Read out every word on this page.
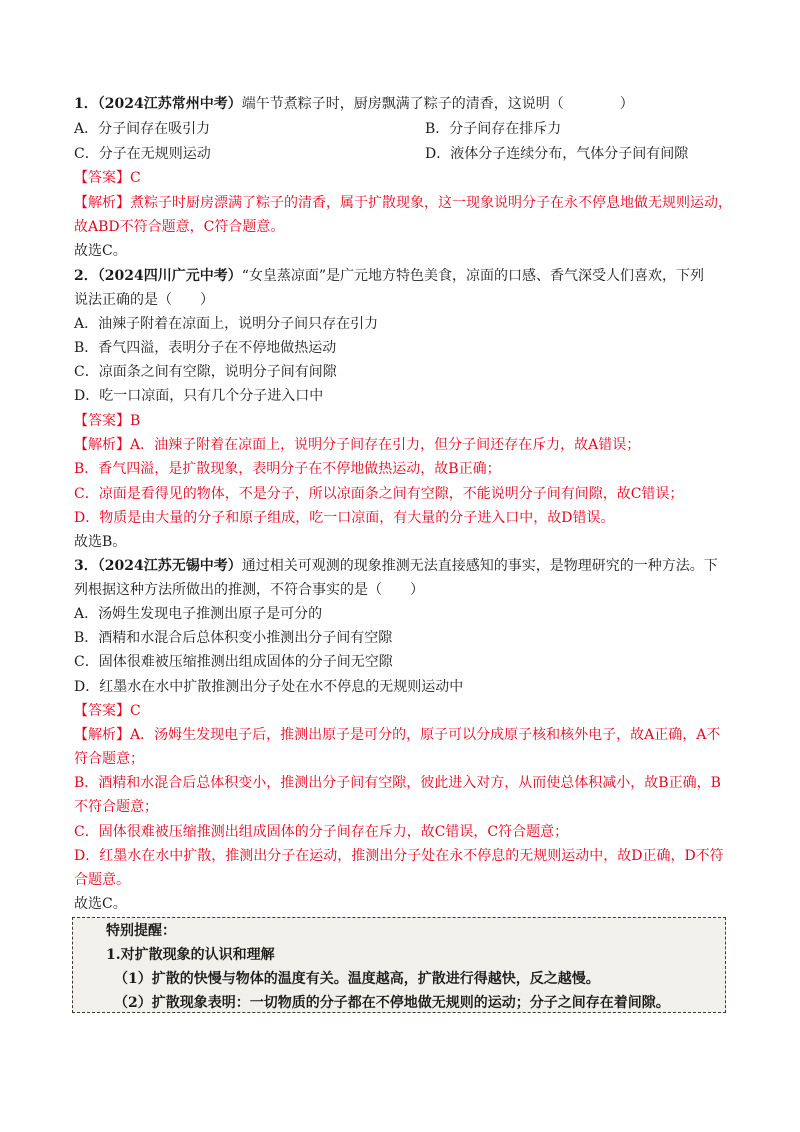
1．（2024江苏常州中考）端午节煮粽子时，厨房飘满了粽子的清香，这说明（　　　　）
A．分子间存在吸引力	B．分子间存在排斥力
C．分子在无规则运动	D．液体分子连续分布，气体分子间有间隙
【答案】C
【解析】煮粽子时厨房漂满了粽子的清香，属于扩散现象，这一现象说明分子在永不停息地做无规则运动，
故ABD不符合题意，C符合题意。
故选C。
2．（2024四川广元中考）“女皇蒸凉面”是广元地方特色美食，凉面的口感、香气深受人们喜欢，下列
说法正确的是（　　）
A．油辣子附着在凉面上，说明分子间只存在引力
B．香气四溢，表明分子在不停地做热运动
C．凉面条之间有空隙，说明分子间有间隙
D．吃一口凉面，只有几个分子进入口中
【答案】B
【解析】A．油辣子附着在凉面上，说明分子间存在引力，但分子间还存在斥力，故A错误；
B．香气四溢，是扩散现象，表明分子在不停地做热运动，故B正确；
C．凉面是看得见的物体，不是分子，所以凉面条之间有空隙，不能说明分子间有间隙，故C错误；
D．物质是由大量的分子和原子组成，吃一口凉面，有大量的分子进入口中，故D错误。
故选B。
3．（2024江苏无锡中考）通过相关可观测的现象推测无法直接感知的事实，是物理研究的一种方法。下
列根据这种方法所做出的推测，不符合事实的是（　　）
A．汤姆生发现电子推测出原子是可分的
B．酒精和水混合后总体积变小推测出分子间有空隙
C．固体很难被压缩推测出组成固体的分子间无空隙
D．红墨水在水中扩散推测出分子处在水不停息的无规则运动中
【答案】C
【解析】A．汤姆生发现电子后，推测出原子是可分的，原子可以分成原子核和核外电子，故A正确，A不
符合题意；
B．酒精和水混合后总体积变小，推测出分子间有空隙，彼此进入对方，从而使总体积减小，故B正确，B
不符合题意；
C．固体很难被压缩推测出组成固体的分子间存在斥力，故C错误，C符合题意；
D．红墨水在水中扩散，推测出分子在运动，推测出分子处在永不停息的无规则运动中，故D正确，D不符
合题意。
故选C。
特别提醒：
1.对扩散现象的认识和理解
（1）扩散的快慢与物体的温度有关。温度越高，扩散进行得越快，反之越慢。
（2）扩散现象表明：一切物质的分子都在不停地做无规则的运动；分子之间存在着间隙。
